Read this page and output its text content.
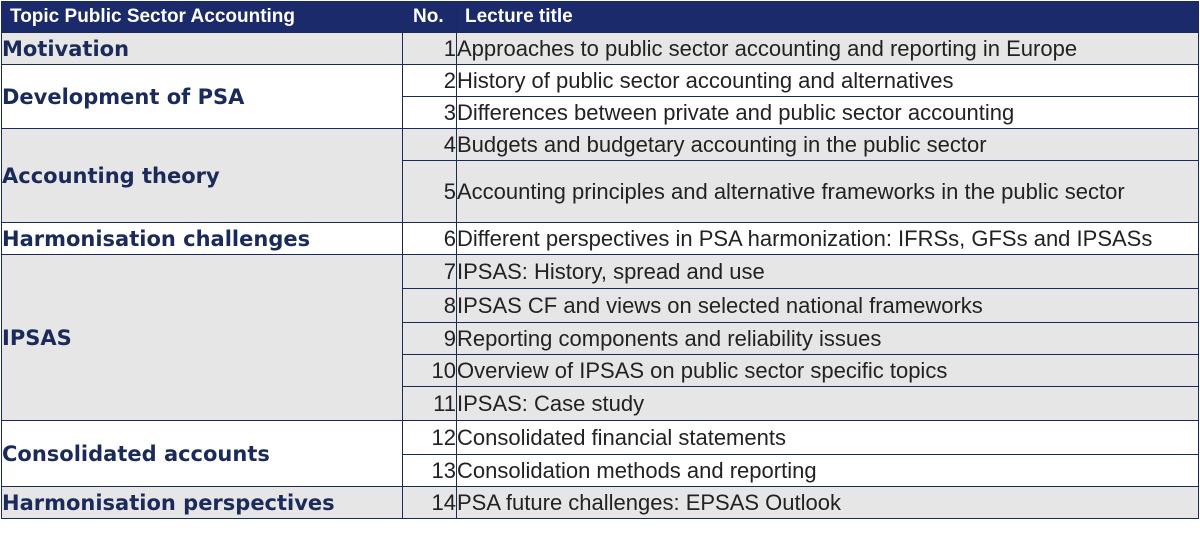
Topic Public Sector Accounting	No.	Lecture title
Motivation	1	Approaches to public sector accounting and reporting in Europe
Development of PSA	2	History of public sector accounting and alternatives
	3	Differences between private and public sector accounting
Accounting theory	4	Budgets and budgetary accounting in the public sector
	5	Accounting principles and alternative frameworks in the public sector
Harmonisation challenges	6	Different perspectives in PSA harmonization: IFRSs, GFSs and IPSASs
IPSAS	7	IPSAS: History, spread and use
	8	IPSAS CF and views on selected national frameworks
	9	Reporting components and reliability issues
	10	Overview of IPSAS on public sector specific topics
	11	IPSAS: Case study
Consolidated accounts	12	Consolidated financial statements
	13	Consolidation methods and reporting
Harmonisation perspectives	14	PSA future challenges: EPSAS Outlook
